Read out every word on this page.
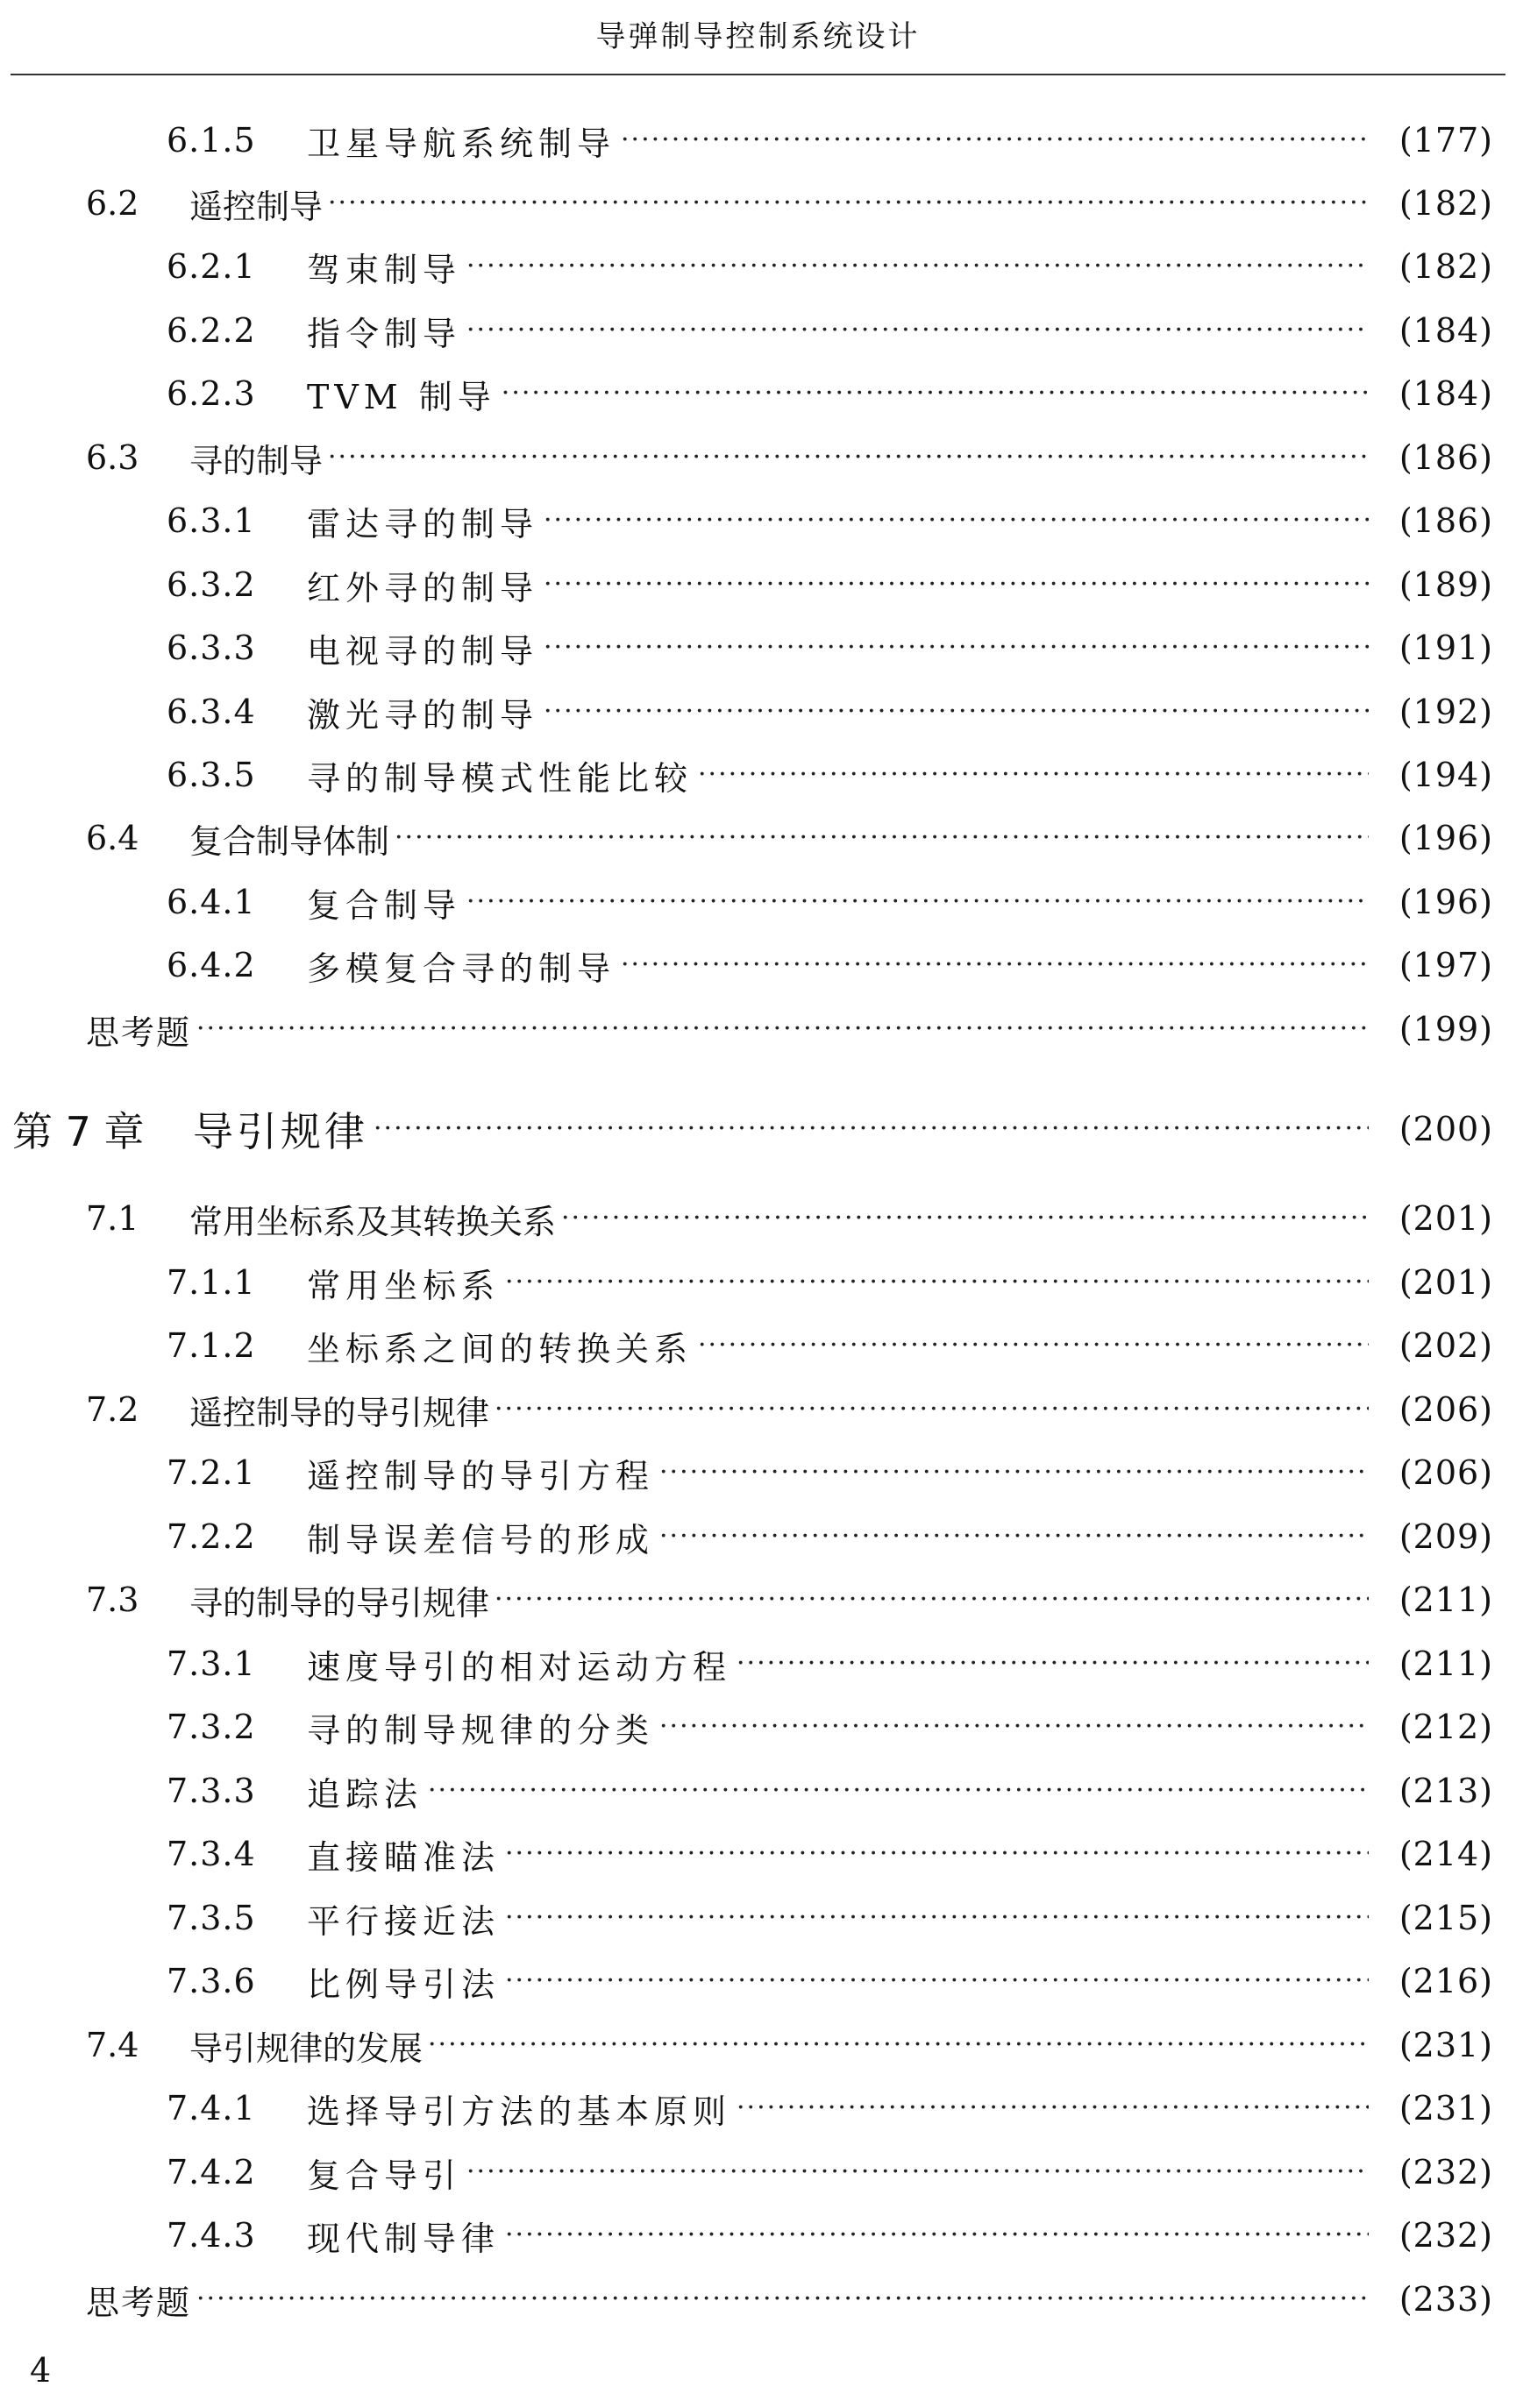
导弹制导控制系统设计
6.1.5	卫星导航系统制导 ·····	(177)
6.2	遥控制导 ·····	(182)
6.2.1	驾束制导 ·····	(182)
6.2.2	指令制导 ·····	(184)
6.2.3	TVM 制导 ·····	(184)
6.3	寻的制导 ·····	(186)
6.3.1	雷达寻的制导 ·····	(186)
6.3.2	红外寻的制导 ·····	(189)
6.3.3	电视寻的制导 ·····	(191)
6.3.4	激光寻的制导 ·····	(192)
6.3.5	寻的制导模式性能比较 ·····	(194)
6.4	复合制导体制 ·····	(196)
6.4.1	复合制导 ·····	(196)
6.4.2	多模复合寻的制导 ·····	(197)
思考题 ·····	(199)
第 7 章	导引规律 ·····	(200)
7.1	常用坐标系及其转换关系 ·····	(201)
7.1.1	常用坐标系 ·····	(201)
7.1.2	坐标系之间的转换关系 ·····	(202)
7.2	遥控制导的导引规律 ·····	(206)
7.2.1	遥控制导的导引方程 ·····	(206)
7.2.2	制导误差信号的形成 ·····	(209)
7.3	寻的制导的导引规律 ·····	(211)
7.3.1	速度导引的相对运动方程 ·····	(211)
7.3.2	寻的制导规律的分类 ·····	(212)
7.3.3	追踪法 ·····	(213)
7.3.4	直接瞄准法 ·····	(214)
7.3.5	平行接近法 ·····	(215)
7.3.6	比例导引法 ·····	(216)
7.4	导引规律的发展 ·····	(231)
7.4.1	选择导引方法的基本原则 ·····	(231)
7.4.2	复合导引 ·····	(232)
7.4.3	现代制导律 ·····	(232)
思考题 ·····	(233)
4
